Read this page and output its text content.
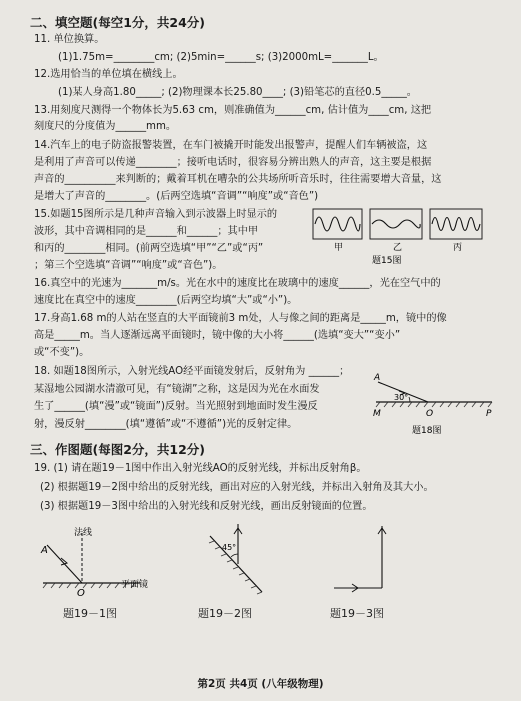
二、填空题(每空1分，共24分)
11. 单位换算。
(1)1.75m=________cm; (2)5min=______s; (3)2000mL=_______L。
12.选用恰当的单位填在横线上。
(1)某人身高1.80_____; (2)物理课本长25.80____; (3)铅笔芯的直径0.5_____。
13.用刻度尺测得一个物体长为5.63 cm，则准确值为______cm, 估计值为____cm, 这把
刻度尺的分度值为______mm。
14.汽车上的电子防盗报警装置，在车门被撬开时能发出报警声，提醒人们车辆被盗，这
是利用了声音可以传递________；接听电话时，很容易分辨出熟人的声音，这主要是根据
声音的__________来判断的；戴着耳机在嘈杂的公共场所听音乐时，往往需要增大音量，这
是增大了声音的________。(后两空选填“音调”“响度”或“音色”)
15.如题15图所示是几种声音输入到示波器上时显示的
波形，其中音调相同的是______和______；其中甲
和丙的________相同。(前两空选填“甲”“乙”或“丙”
；第三个空选填“音调”“响度”或“音色”)。
甲	乙	丙
题15图
16.真空中的光速为_______m/s。光在水中的速度比在玻璃中的速度______，光在空气中的
速度比在真空中的速度________(后两空均填“大”或“小”)。
17.身高1.68 m的人站在竖直的大平面镜前3 m处，人与像之间的距离是_____m，镜中的像
高是_____m。当人逐渐远离平面镜时，镜中像的大小将______(选填“变大”“变小”
或“不变”)。
18. 如题18图所示，入射光线AO经平面镜发射后，反射角为 ______；
某湿地公园湖水清澈可见，有“镜湖”之称，这是因为光在水面发
生了______(填“漫”或“镜面”)反射。当光照射到地面时发生漫反
射，漫反射________(填“遵循”或“不遵循”)光的反射定律。
A
30°
M	O	P
题18图
三、作图题(每图2分，共12分)
19. (1) 请在题19－1图中作出入射光线AO的反射光线，并标出反射角β。
(2) 根据题19－2图中给出的反射光线，画出对应的入射光线，并标出入射角及其大小。
(3) 根据题19－3图中给出的入射光线和反射光线，画出反射镜面的位置。
A
法线
O
平面镜
题19－1图
45°
题19－2图	题19－3图
第2页 共4页 (八年级物理)
